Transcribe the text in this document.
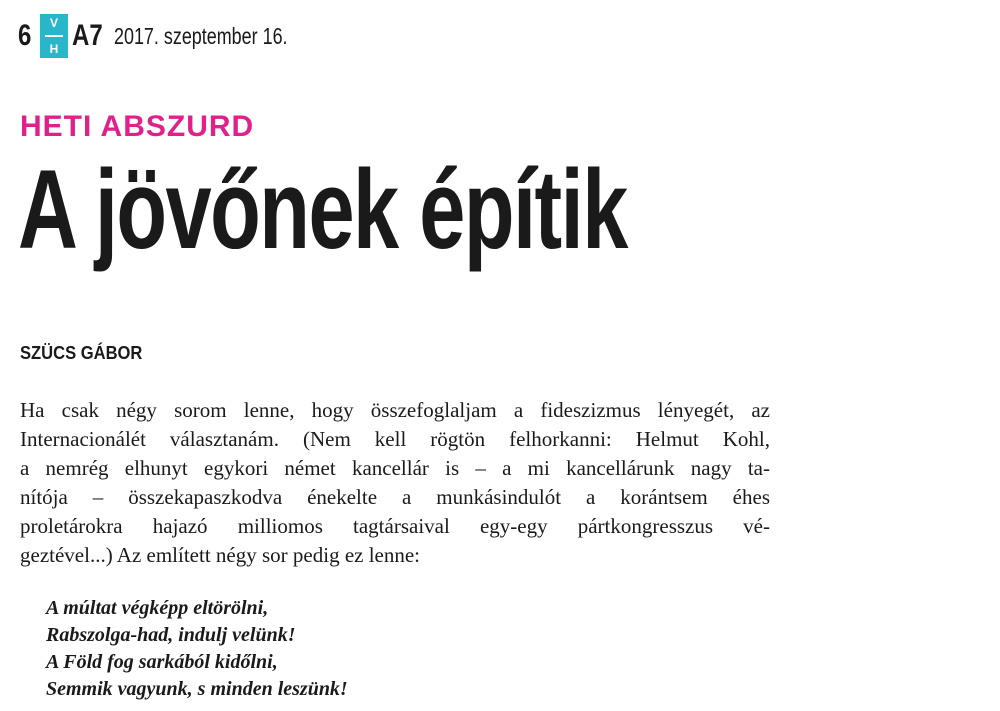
6	V
H A7 2017. szeptember 16.
HETI ABSZURD
A jövőnek építik
SZÜCS GÁBOR
Ha csak négy sorom lenne, hogy összefoglaljam a fideszizmus lényegét, az
Internacionálét választanám. (Nem kell rögtön felhorkanni: Helmut Kohl,
a nemrég elhunyt egykori német kancellár is – a mi kancellárunk nagy ta-
nítója – összekapaszkodva énekelte a munkásindulót a korántsem éhes
proletárokra hajazó milliomos tagtársaival egy-egy pártkongresszus vé-
geztével...) Az említett négy sor pedig ez lenne:
A múltat végképp eltörölni,
Rabszolga-had, indulj velünk!
A Föld fog sarkából kidőlni,
Semmik vagyunk, s minden leszünk!
